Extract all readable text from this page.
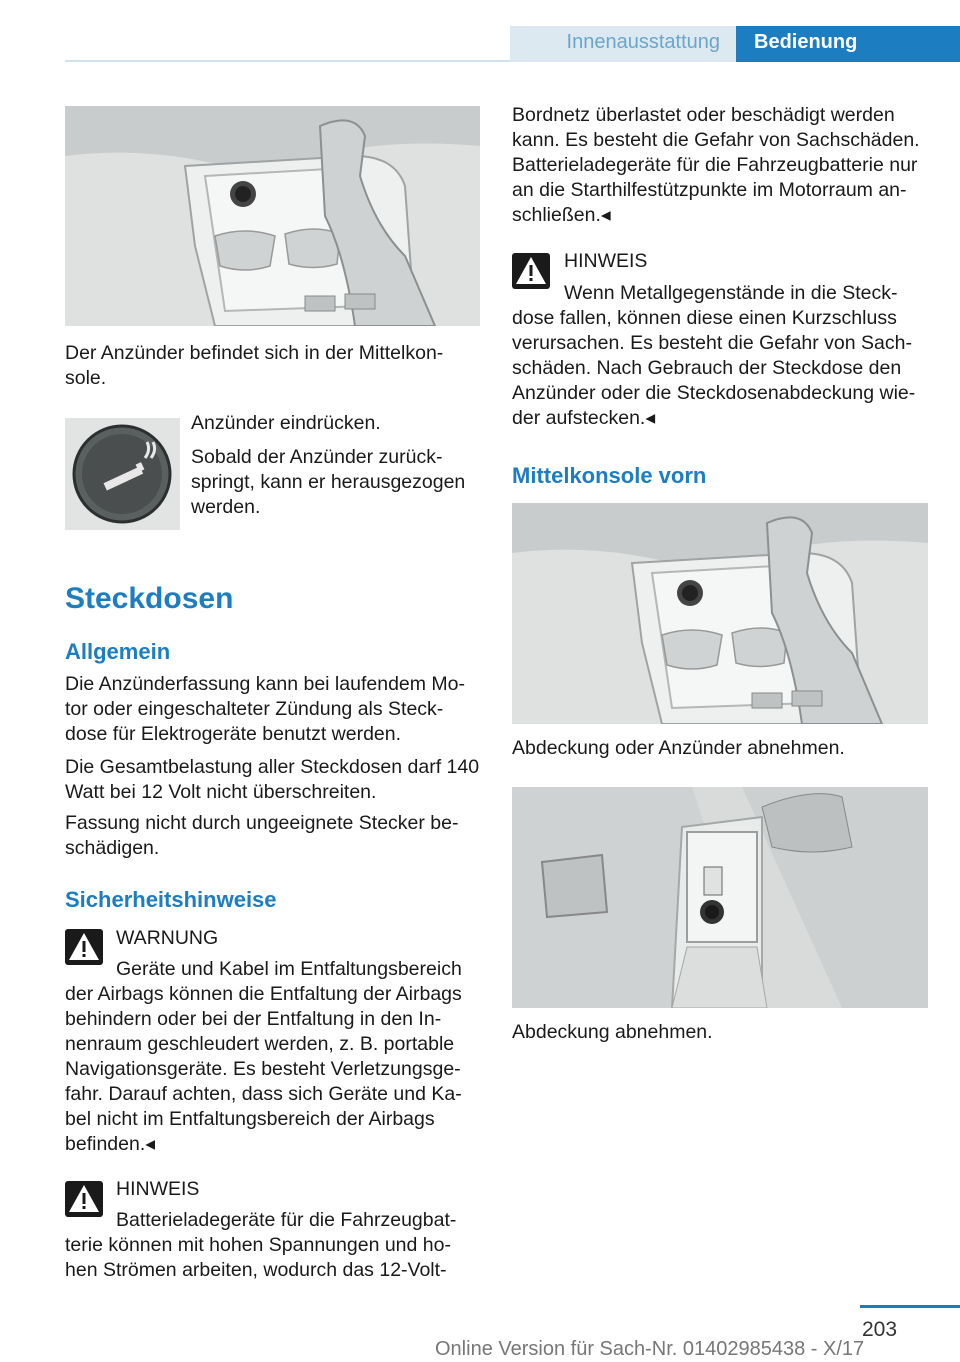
Innenausstattung	Bedienung

Der Anzünder befindet sich in der Mittelkon-sole.

Anzünder eindrücken.

Sobald der Anzünder zurück-springt, kann er herausgezogen werden.

Steckdosen
Allgemein

Die Anzünderfassung kann bei laufendem Mo-tor oder eingeschalteter Zündung als Steck-dose für Elektrogeräte benutzt werden.

Die Gesamtbelastung aller Steckdosen darf 140 Watt bei 12 Volt nicht überschreiten.

Fassung nicht durch ungeeignete Stecker be-schädigen.

Sicherheitshinweise
WARNUNG
Geräte und Kabel im Entfaltungsbereich

der Airbags können die Entfaltung der Airbags behindern oder bei der Entfaltung in den In-nenraum geschleudert werden, z. B. portable Navigationsgeräte. Es besteht Verletzungsge-fahr. Darauf achten, dass sich Geräte und Ka-bel nicht im Entfaltungsbereich der Airbags befinden.◂

HINWEIS
Batterieladegeräte für die Fahrzeugbat-

terie können mit hohen Spannungen und ho-hen Strömen arbeiten, wodurch das 12-Volt-

Bordnetz überlastet oder beschädigt werden kann. Es besteht die Gefahr von Sachschäden. Batterieladegeräte für die Fahrzeugbatterie nur an die Starthilfestützpunkte im Motorraum an-schließen.◂

HINWEIS
Wenn Metallgegenstände in die Steck-

dose fallen, können diese einen Kurzschluss verursachen. Es besteht die Gefahr von Sach-schäden. Nach Gebrauch der Steckdose den Anzünder oder die Steckdosenabdeckung wie-der aufstecken.◂

Mittelkonsole vorn

Abdeckung oder Anzünder abnehmen.

Abdeckung abnehmen.

203
Online Version für Sach-Nr. 01402985438 - X/17
